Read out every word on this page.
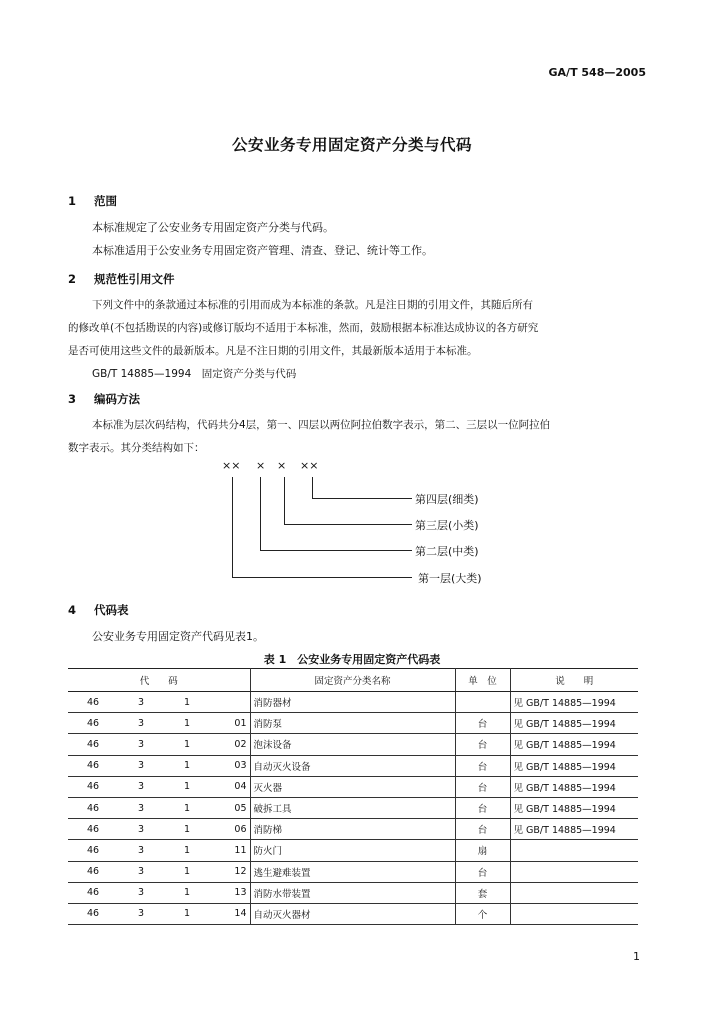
GA/T 548—2005
公安业务专用固定资产分类与代码
1 范围
本标准规定了公安业务专用固定资产分类与代码。
本标准适用于公安业务专用固定资产管理、清查、登记、统计等工作。
2 规范性引用文件
下列文件中的条款通过本标准的引用而成为本标准的条款。凡是注日期的引用文件，其随后所有
的修改单(不包括勘误的内容)或修订版均不适用于本标准，然而，鼓励根据本标准达成协议的各方研究
是否可使用这些文件的最新版本。凡是不注日期的引用文件，其最新版本适用于本标准。
GB/T 14885—1994　固定资产分类与代码
3 编码方法
本标准为层次码结构，代码共分4层，第一、四层以两位阿拉伯数字表示，第二、三层以一位阿拉伯
数字表示。其分类结构如下：
×× × × ××
第四层(细类)
第三层(小类)
第二层(中类)
第一层(大类)
4 代码表
公安业务专用固定资产代码见表1。
表 1　公安业务专用固定资产代码表
代　　码				固定资产分类名称	单　位	说　　明
46	3	1		消防器材		见 GB/T 14885—1994
46	3	1	01	消防泵	台	见 GB/T 14885—1994
46	3	1	02	泡沫设备	台	见 GB/T 14885—1994
46	3	1	03	自动灭火设备	台	见 GB/T 14885—1994
46	3	1	04	灭火器	台	见 GB/T 14885—1994
46	3	1	05	破拆工具	台	见 GB/T 14885—1994
46	3	1	06	消防梯	台	见 GB/T 14885—1994
46	3	1	11	防火门	扇	
46	3	1	12	逃生避难装置	台	
46	3	1	13	消防水带装置	套	
46	3	1	14	自动灭火器材	个	
1
